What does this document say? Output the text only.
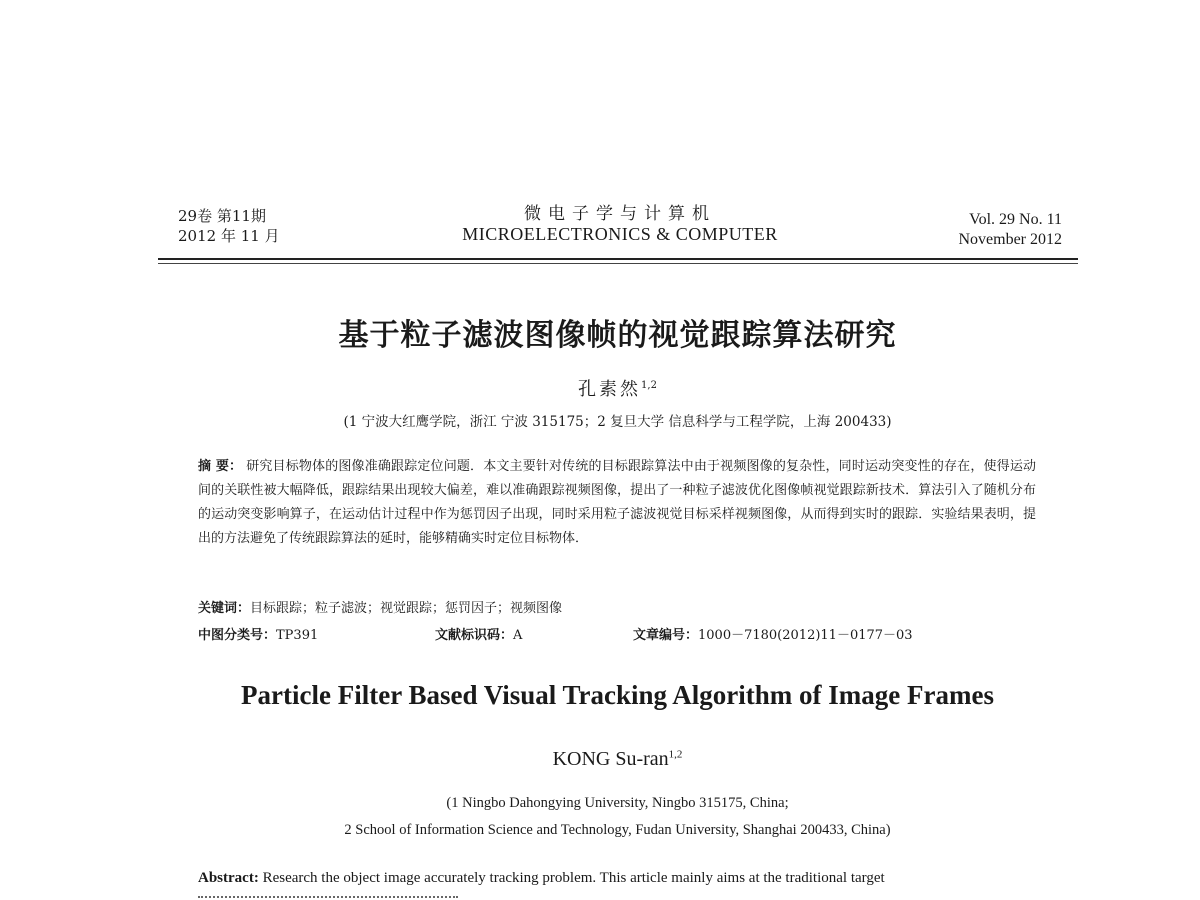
29卷 第11期
2012 年 11 月
微电子学与计算机
MICROELECTRONICS & COMPUTER
Vol. 29 No. 11
November 2012
基于粒子滤波图像帧的视觉跟踪算法研究
孔素然$^{1,2}$
(1 宁波大红鹰学院，浙江 宁波 315175；2 复旦大学 信息科学与工程学院，上海 200433)
摘 要： 研究目标物体的图像准确跟踪定位问题．本文主要针对传统的目标跟踪算法中由于视频图像的复杂性，同时运动突变性的存在，使得运动间的关联性被大幅降低，跟踪结果出现较大偏差，难以准确跟踪视频图像，提出了一种粒子滤波优化图像帧视觉跟踪新技术．算法引入了随机分布的运动突变影响算子，在运动估计过程中作为惩罚因子出现，同时采用粒子滤波视觉目标采样视频图像，从而得到实时的跟踪．实验结果表明，提出的方法避免了传统跟踪算法的延时，能够精确实时定位目标物体．
关键词：目标跟踪；粒子滤波；视觉跟踪；惩罚因子；视频图像
中图分类号：TP391	文献标识码：A	文章编号：1000－7180(2012)11－0177－03
Particle Filter Based Visual Tracking Algorithm of Image Frames
KONG Su-ran$^{1,2}$
(1 Ningbo Dahongying University, Ningbo 315175, China;
2 School of Information Science and Technology, Fudan University, Shanghai 200433, China)
Abstract: Research the object image accurately tracking problem. This article mainly aims at the traditional target
